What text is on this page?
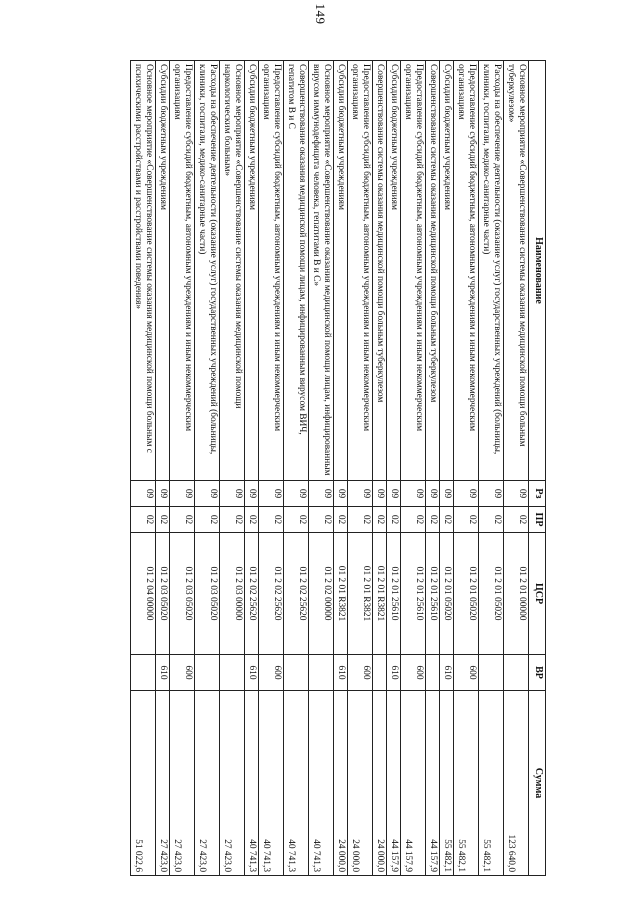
149
Наименование	Рз	ПР	ЦСР	ВР	Сумма
Основное мероприятие «Совершенствование системы оказания медицинской помощи больным туберкулезом»	09	02	01 2 01 00000		123 640,0
Расходы на обеспечение деятельности (оказание услуг) государственных учреждений (больницы, клиники, госпитали, медико-санитарные части)	09	02	01 2 01 05020		55 482,1
Предоставление субсидий бюджетным, автономным учреждениям и иным некоммерческим организациям	09	02	01 2 01 05020	600	55 482,1
Субсидии бюджетным учреждениям	09	02	01 2 01 05020	610	55 482,1
Совершенствование системы оказания медицинской помощи больным туберкулезом	09	02	01 2 01 25610		44 157,9
Предоставление субсидий бюджетным, автономным учреждениям и иным некоммерческим организациям	09	02	01 2 01 25610	600	44 157,9
Субсидии бюджетным учреждениям	09	02	01 2 01 25610	610	44 157,9
Совершенствование системы оказания медицинской помощи больным туберкулезом	09	02	01 2 01 R3821		24 000,0
Предоставление субсидий бюджетным, автономным учреждениям и иным некоммерческим организациям	09	02	01 2 01 R3821	600	24 000,0
Субсидии бюджетным учреждениям	09	02	01 2 01 R3821	610	24 000,0
Основное мероприятие «Совершенствование оказания медицинской помощи лицам, инфицированным вирусом иммунодефицита человека, гепатитами B и C»	09	02	01 2 02 00000		40 741,3
Совершенствование оказания медицинской помощи лицам, инфицированным вирусом ВИЧ, гепатитом B и C	09	02	01 2 02 25620		40 741,3
Предоставление субсидий бюджетным, автономным учреждениям и иным некоммерческим организациям	09	02	01 2 02 25620	600	40 741,3
Субсидии бюджетным учреждениям	09	02	01 2 02 25620	610	40 741,3
Основное мероприятие «Совершенствование системы оказания медицинской помощи наркологическим больным»	09	02	01 2 03 00000		27 423,0
Расходы на обеспечение деятельности (оказание услуг) государственных учреждений (больницы, клиники, госпитали, медико-санитарные части)	09	02	01 2 03 05020		27 423,0
Предоставление субсидий бюджетным, автономным учреждениям и иным некоммерческим организациям	09	02	01 2 03 05020	600	27 423,0
Субсидии бюджетным учреждениям	09	02	01 2 03 05020	610	27 423,0
Основное мероприятие «Совершенствование системы оказания медицинской помощи больным с психическими расстройствами и расстройствами поведения»	09	02	01 2 04 00000		51 022,6
